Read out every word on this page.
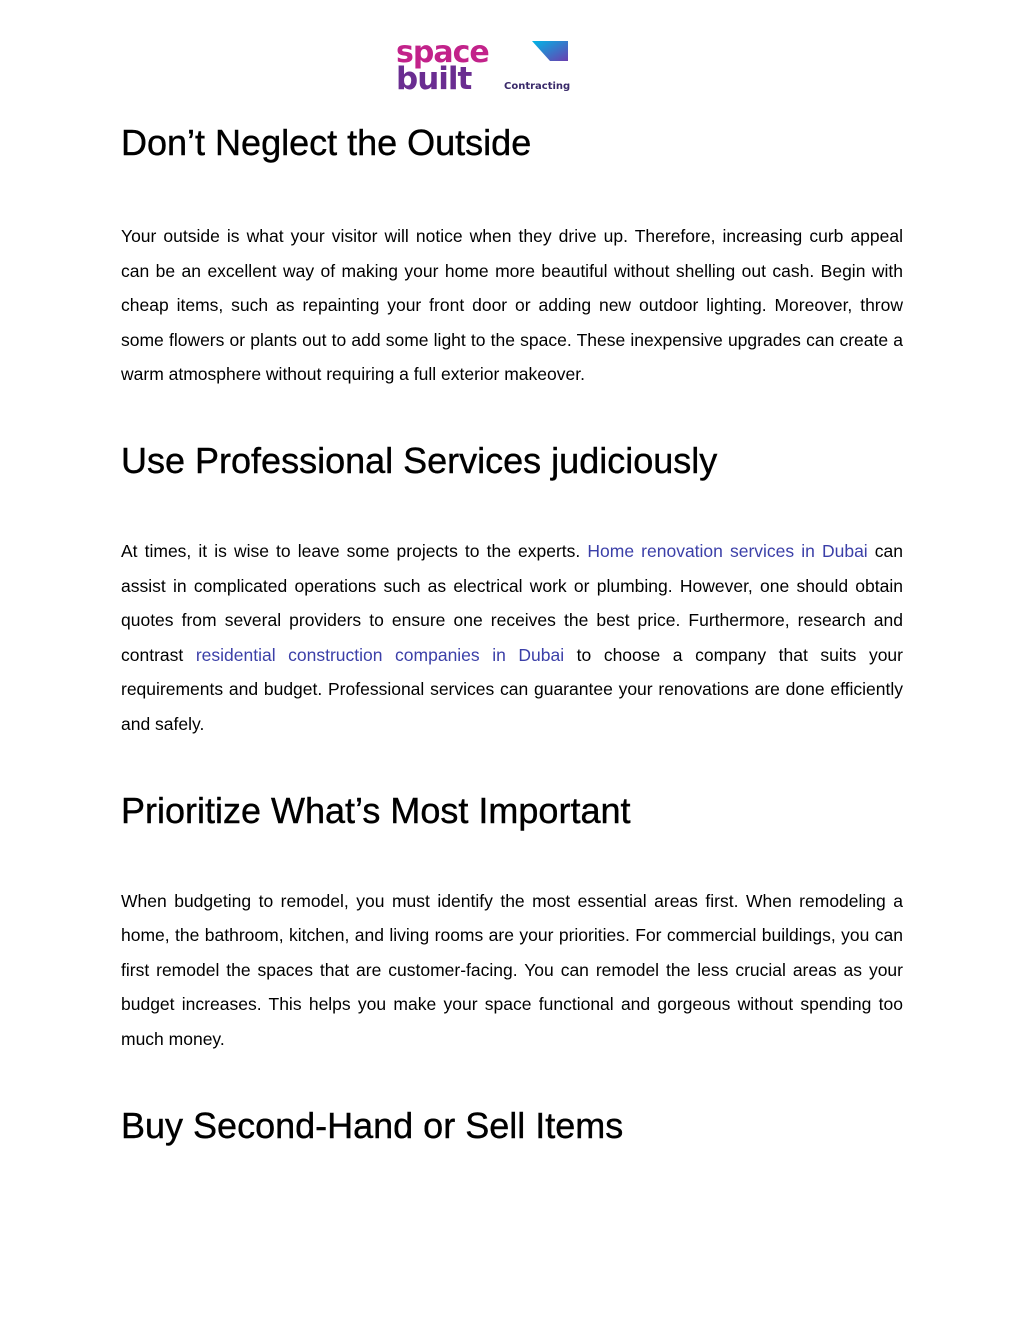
space
built	Contracting
Don’t Neglect the Outside

Your outside is what your visitor will notice when they drive up. Therefore, increasing curb appeal can be an excellent way of making your home more beautiful without shelling out cash. Begin with cheap items, such as repainting your front door or adding new outdoor lighting. Moreover, throw some flowers or plants out to add some light to the space. These inexpensive upgrades can create a warm atmosphere without requiring a full exterior makeover.

Use Professional Services judiciously

At times, it is wise to leave some projects to the experts. Home renovation services in Dubai can assist in complicated operations such as electrical work or plumbing. However, one should obtain quotes from several providers to ensure one receives the best price. Furthermore, research and contrast residential construction companies in Dubai to choose a company that suits your requirements and budget. Professional services can guarantee your renovations are done efficiently and safely.

Prioritize What’s Most Important

When budgeting to remodel, you must identify the most essential areas first. When remodeling a home, the bathroom, kitchen, and living rooms are your priorities. For commercial buildings, you can first remodel the spaces that are customer-facing. You can remodel the less crucial areas as your budget increases. This helps you make your space functional and gorgeous without spending too much money.

Buy Second-Hand or Sell Items
